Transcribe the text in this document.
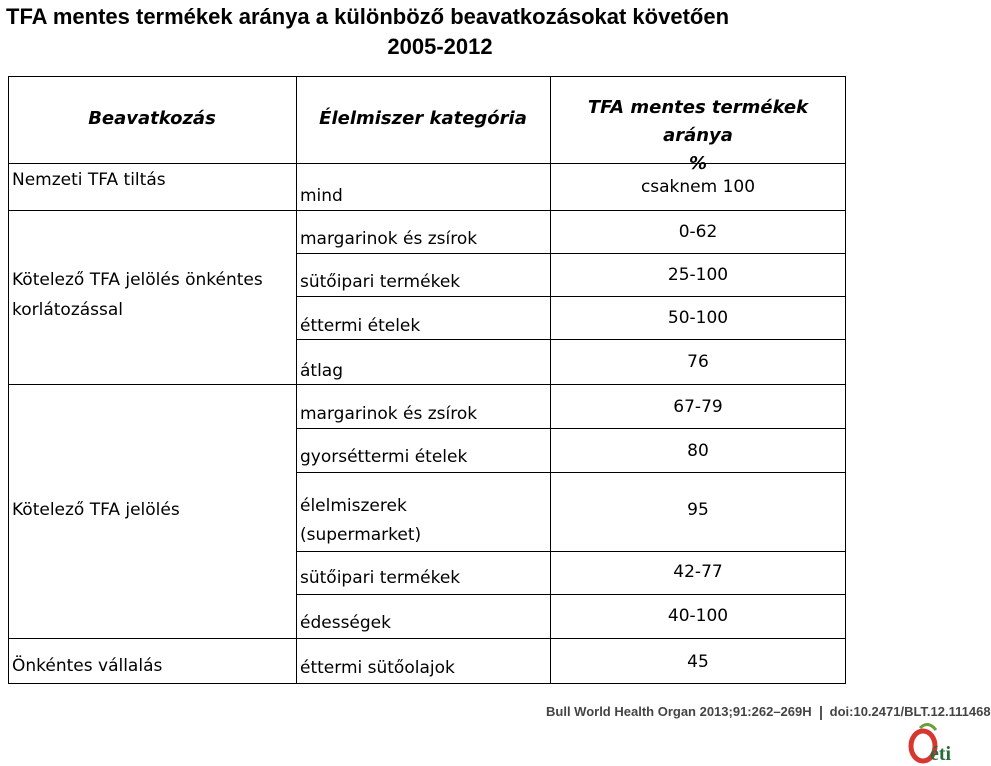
TFA mentes termékek aránya a különböző beavatkozásokat követően
2005-2012
Beavatkozás	Élelmiszer kategória
TFA mentes termékek aránya
%
Nemzeti TFA tiltás
Kötelező TFA jelölés önkéntes
korlátozással
Kötelező TFA jelölés
Önkéntes vállalás
mind
margarinok és zsírok
sütőipari termékek
éttermi ételek
átlag
margarinok és zsírok
gyorséttermi ételek
élelmiszerek
(supermarket)
sütőipari termékek
édességek
éttermi sütőolajok
csaknem 100
0-62
25-100
50-100
76
67-79
80
95
42-77
40-100
45
Bull World Health Organ 2013;91:262–269H doi:10.2471/BLT.12.111468
éti
